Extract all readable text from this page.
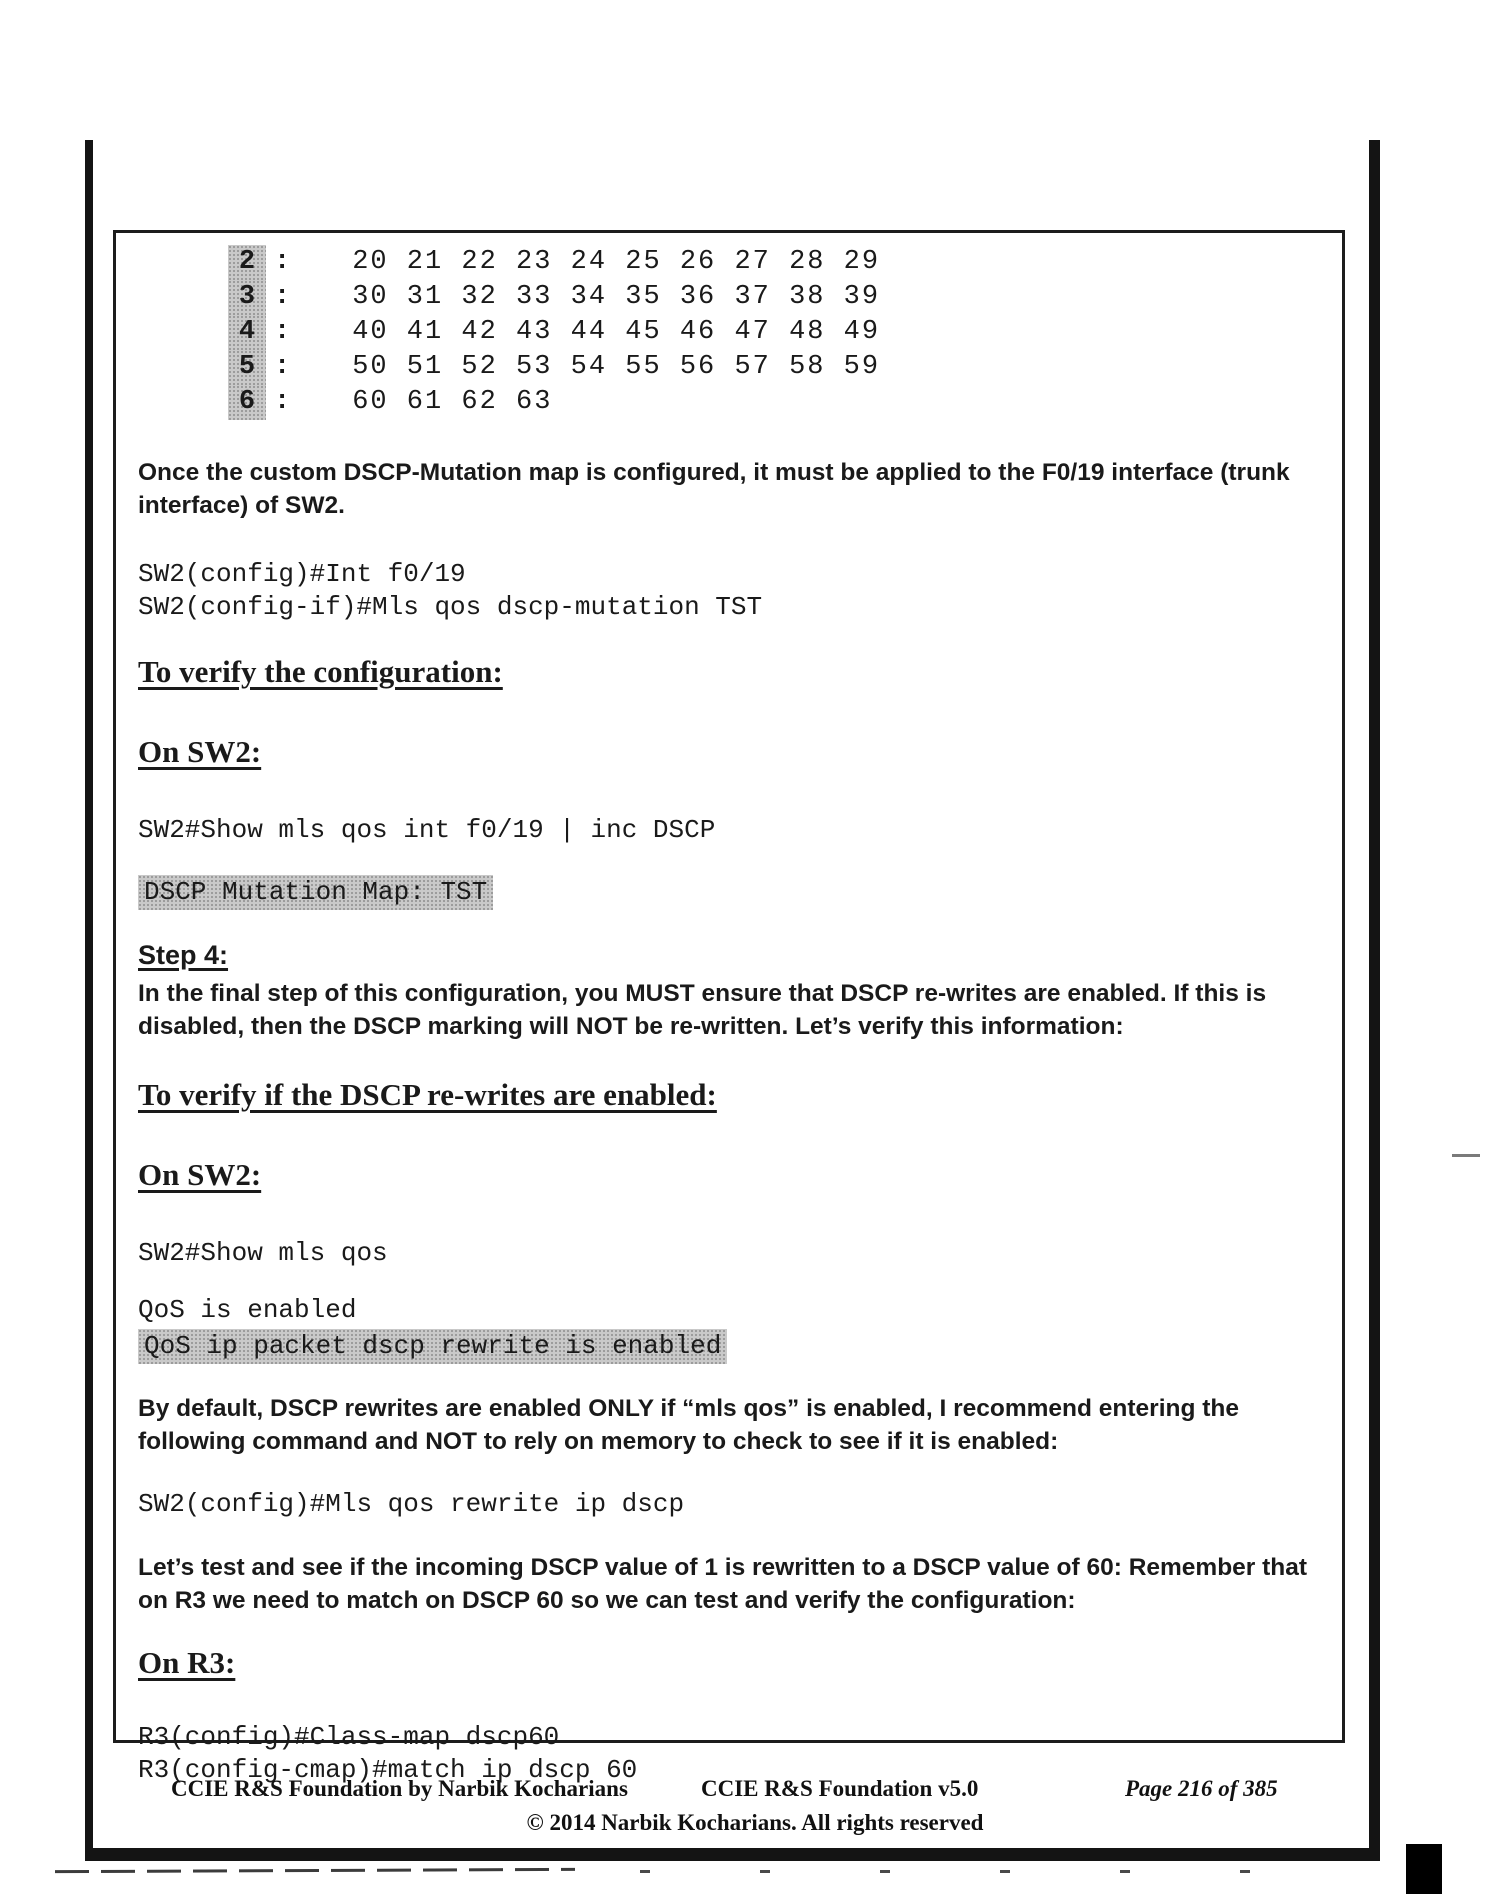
2 : 20 21 22 23 24 25 26 27 28 29
3 : 30 31 32 33 34 35 36 37 38 39
4 : 40 41 42 43 44 45 46 47 48 49
5 : 50 51 52 53 54 55 56 57 58 59
6 : 60 61 62 63

Once the custom DSCP-Mutation map is configured, it must be applied to the F0/19 interface (trunk interface) of SW2.

SW2(config)#Int f0/19
SW2(config-if)#Mls qos dscp-mutation TST
To verify the configuration:
On SW2:
SW2#Show mls qos int f0/19 | inc DSCP
DSCP Mutation Map: TST
Step 4:

In the final step of this configuration, you MUST ensure that DSCP re-writes are enabled. If this is disabled, then the DSCP marking will NOT be re-written. Let’s verify this information:

To verify if the DSCP re-writes are enabled:
On SW2:
SW2#Show mls qos
QoS is enabled
QoS ip packet dscp rewrite is enabled

By default, DSCP rewrites are enabled ONLY if “mls qos” is enabled, I recommend entering the following command and NOT to rely on memory to check to see if it is enabled:

SW2(config)#Mls qos rewrite ip dscp

Let’s test and see if the incoming DSCP value of 1 is rewritten to a DSCP value of 60: Remember that on R3 we need to match on DSCP 60 so we can test and verify the configuration:

On R3:
R3(config)#Class-map dscp60
R3(config-cmap)#match ip dscp 60
CCIE R&S Foundation by Narbik Kocharians	CCIE R&S Foundation v5.0	Page 216 of 385
© 2014 Narbik Kocharians. All rights reserved
